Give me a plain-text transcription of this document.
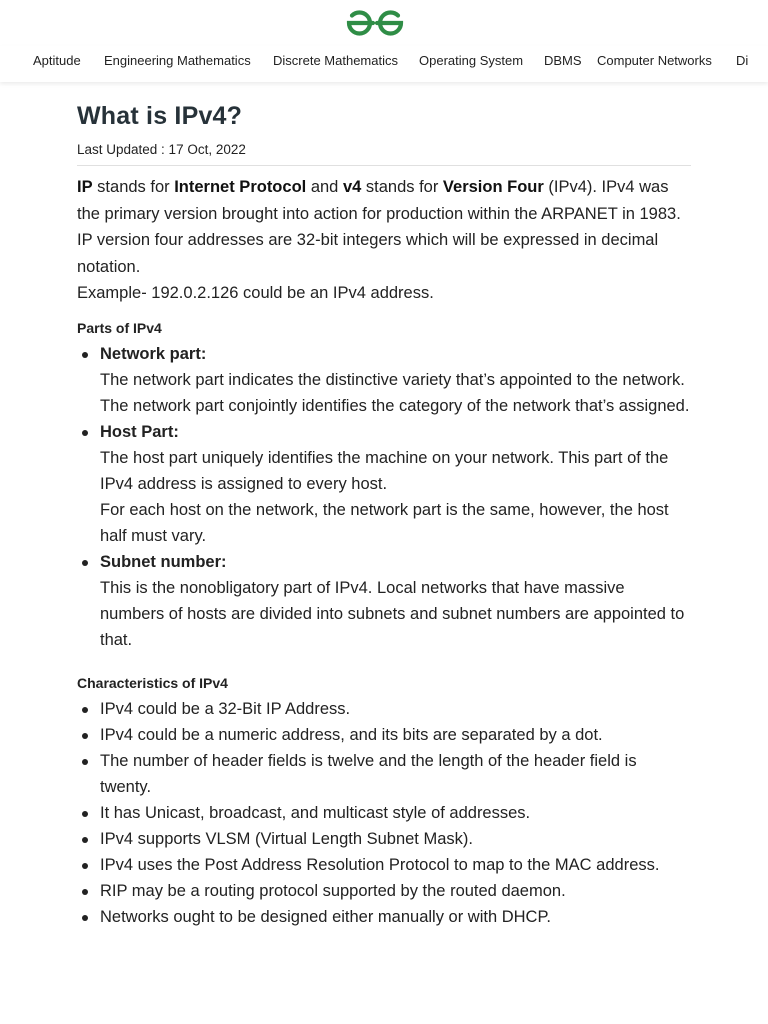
Aptitude Engineering Mathematics Discrete Mathematics Operating System DBMS Computer Networks Di
What is IPv4?
Last Updated : 17 Oct, 2022

IP stands for Internet Protocol and v4 stands for Version Four (IPv4). IPv4 was the primary version brought into action for production within the ARPANET in 1983.
IP version four addresses are 32-bit integers which will be expressed in decimal notation.
Example- 192.0.2.126 could be an IPv4 address.

Parts of IPv4
Network part:
The network part indicates the distinctive variety that’s appointed to the network. The network part conjointly identifies the category of the network that’s assigned.
Host Part:
The host part uniquely identifies the machine on your network. This part of the IPv4 address is assigned to every host.
For each host on the network, the network part is the same, however, the host half must vary.
Subnet number:
This is the nonobligatory part of IPv4. Local networks that have massive numbers of hosts are divided into subnets and subnet numbers are appointed to that.
Characteristics of IPv4
IPv4 could be a 32-Bit IP Address.
IPv4 could be a numeric address, and its bits are separated by a dot.
The number of header fields is twelve and the length of the header field is twenty.
It has Unicast, broadcast, and multicast style of addresses.
IPv4 supports VLSM (Virtual Length Subnet Mask).
IPv4 uses the Post Address Resolution Protocol to map to the MAC address.
RIP may be a routing protocol supported by the routed daemon.
Networks ought to be designed either manually or with DHCP.
